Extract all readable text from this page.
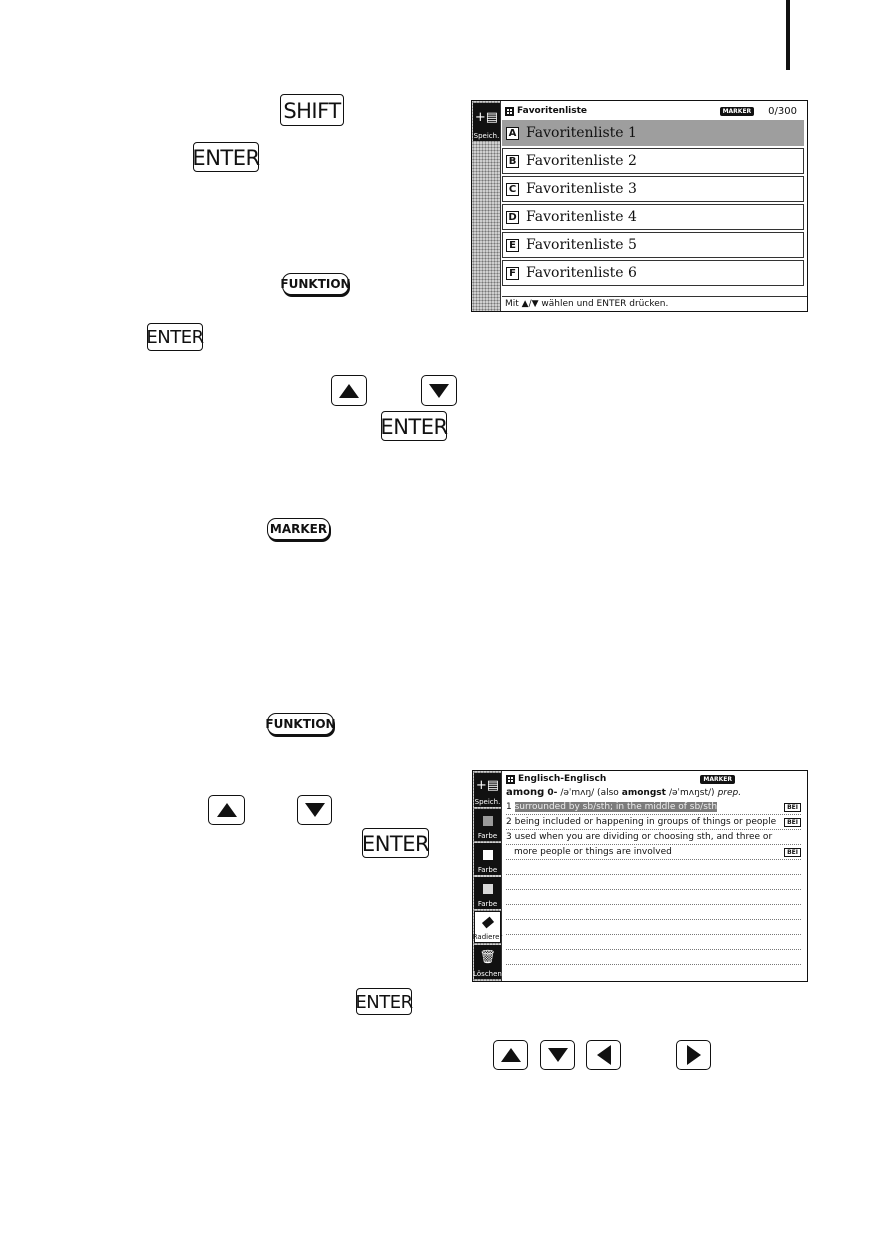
SHIFT
ENTER
FUNKTION
ENTER
ENTER
MARKER
FUNKTION
ENTER
ENTER
+▤
Speich.
Favoritenliste	MARKER	0/300
A Favoritenliste 1
B Favoritenliste 2
C Favoritenliste 3
D Favoritenliste 4
E Favoritenliste 5
F Favoritenliste 6
Mit ▲/▼ wählen und ENTER drücken.
+▤
Speich.
Farbe
Farbe
Farbe
Radierer
🗑
Löschen
Englisch-Englisch	MARKER
among 0- /əˈmʌŋ/ (also amongst /əˈmʌŋst/) prep.
1
surrounded by sb/sth; in the middle of sb/sth	BEI
2
being included or happening in groups of things or people	BEI
3
used when you are dividing or choosing sth, and three or
more people or things are involved	BEI
